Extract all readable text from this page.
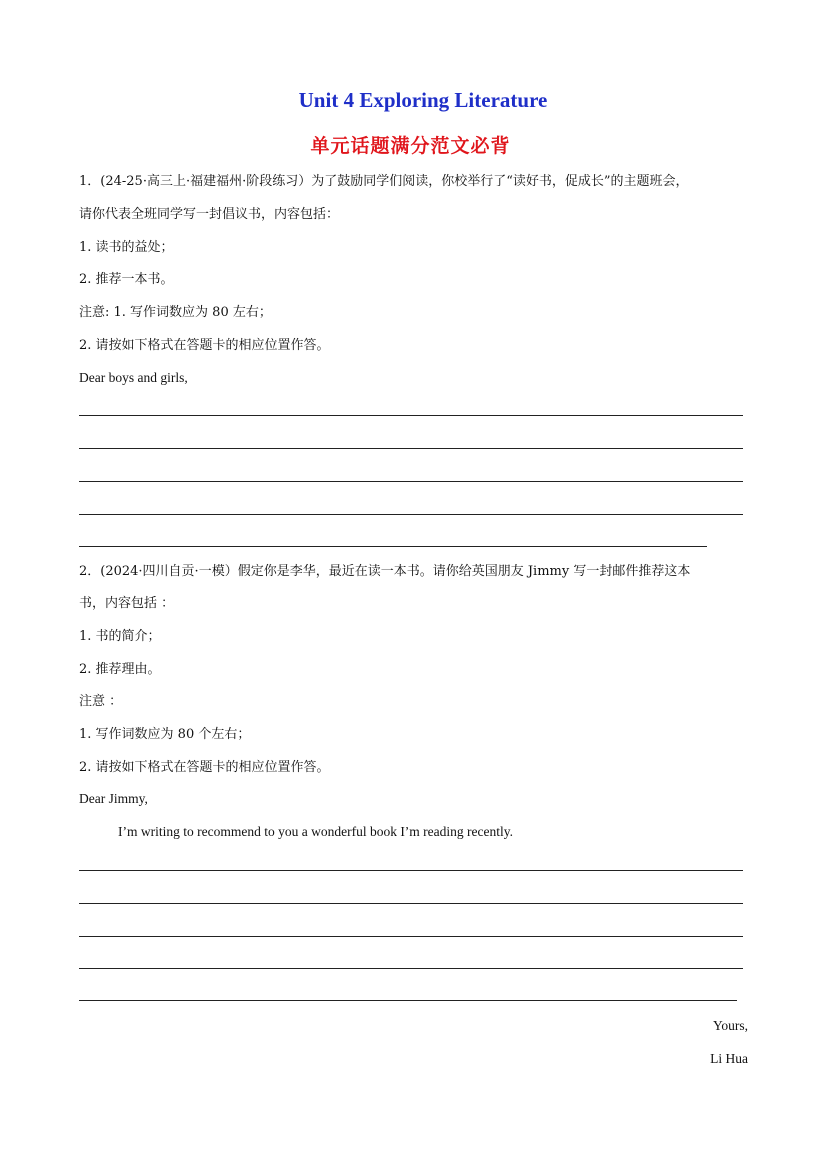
Unit 4 Exploring Literature
单元话题满分范文必背
1．(24-25·高三上·福建福州·阶段练习）为了鼓励同学们阅读，你校举行了“读好书，促成长”的主题班会，
请你代表全班同学写一封倡议书，内容包括：
1. 读书的益处；
2. 推荐一本书。
注意: 1. 写作词数应为 80 左右；
2. 请按如下格式在答题卡的相应位置作答。
Dear boys and girls,
2．(2024·四川自贡·一模）假定你是李华，最近在读一本书。请你给英国朋友 Jimmy 写一封邮件推荐这本
书，内容包括 ：
1. 书的简介；
2. 推荐理由。
注意 ：
1. 写作词数应为 80 个左右；
2. 请按如下格式在答题卡的相应位置作答。
Dear Jimmy,
I’m writing to recommend to you a wonderful book I’m reading recently.
Yours,
Li Hua
